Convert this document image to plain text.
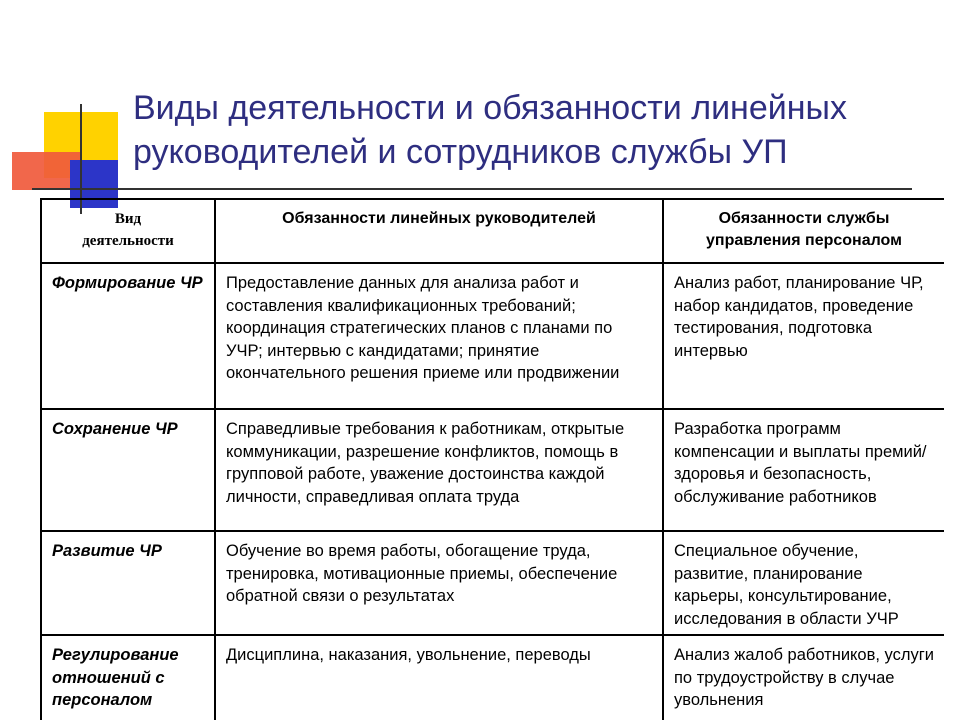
Виды деятельности и обязанности линейных руководителей и сотрудников службы УП
Вид
деятельности	Обязанности линейных руководителей	Обязанности службы управления персоналом
Формирование ЧР	Предоставление данных для анализа работ и составления квалификационных требований; координация стратегических планов с планами по УЧР; интервью с кандидатами; принятие окончательного решения приеме или продвижении	Анализ работ, планирование ЧР, набор кандидатов, проведение тестирования, подготовка интервью
Сохранение ЧР	Справедливые требования к работникам, открытые коммуникации, разрешение конфликтов, помощь в групповой работе, уважение достоинства каждой личности, справедливая оплата труда	Разработка программ компенсации и выплаты премий/здоровья и безопасность, обслуживание работников
Развитие ЧР	Обучение во время работы, обогащение труда, тренировка, мотивационные приемы, обеспечение обратной связи о результатах	Специальное обучение, развитие, планирование карьеры, консультирование, исследования в области УЧР
Регулирование отношений с персоналом	Дисциплина, наказания, увольнение, переводы	Анализ жалоб работников, услуги по трудоустройству в случае увольнения
